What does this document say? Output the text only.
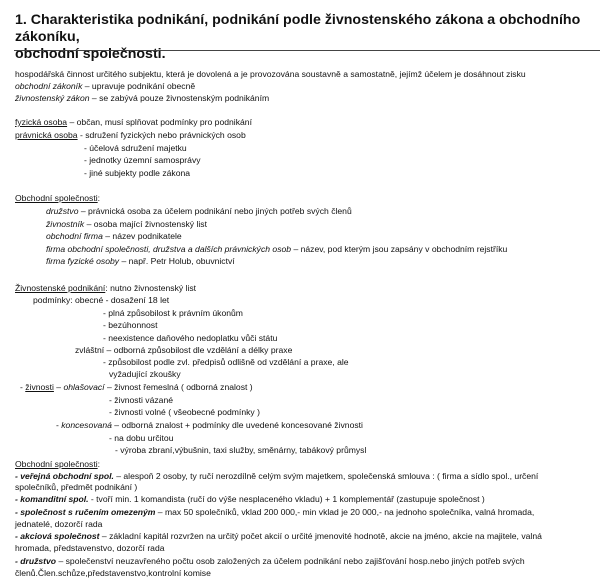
1. Charakteristika podnikání, podnikání podle živnostenského zákona a obchodního zákoníku,
obchodní společnosti.
hospodářská činnost určitého subjektu, která je dovolená a je provozována soustavně a samostatně, jejímž účelem je dosáhnout zisku
obchodní zákoník – upravuje podnikání obecně
živnostenský zákon – se zabývá pouze živnostenským podnikáním
fyzická osoba – občan, musí splňovat podmínky pro podnikání
právnická osoba - sdružení fyzických nebo právnických osob
- účelová sdružení majetku
- jednotky územní samosprávy
- jiné subjekty podle zákona
Obchodní společnosti:
družstvo – právnická osoba za účelem podnikání nebo jiných potřeb svých členů
živnostník – osoba mající živnostenský list
obchodní firma – název podnikatele
firma obchodní společnosti, družstva a dalších právnických osob – název, pod kterým jsou zapsány v obchodním rejstříku
firma fyzické osoby – např. Petr Holub, obuvnictví
Živnostenské podnikání: nutno živnostenský list
podmínky: obecné - dosažení 18 let
- plná způsobilost k právním úkonům
- bezúhonnost
- neexistence daňového nedoplatku vůči státu
zvláštní – odborná způsobilost dle vzdělání a délky praxe
- způsobilost podle zvl. předpisů odlišně od vzdělání a praxe, ale
vyžadující zkoušky
- živnosti – ohlašovací – živnost řemeslná ( odborná znalost )
- živnosti vázané
- živnosti volné ( všeobecné podmínky )
- koncesovaná – odborná znalost + podmínky dle uvedené koncesované živnosti
- na dobu určitou
- výroba zbraní,výbušnin, taxi služby, směnárny, tabákový průmysl
Obchodní společnosti:
- veřejná obchodní spol. – alespoň 2 osoby, ty ručí nerozdílně celým svým majetkem, společenská smlouva : ( firma a sídlo spol., určení
společníků, předmět podnikání )
- komanditní spol. - tvoří min. 1 komandista (ručí do výše nesplaceného vkladu) + 1 komplementář (zastupuje společnost )
- společnost s ručením omezeným – max 50 společníků, vklad 200 000,- min vklad je 20 000,- na jednoho společníka, valná hromada,
jednatelé, dozorčí rada
- akciová společnost – základní kapitál rozvržen na určitý počet akcií o určité jmenovité hodnotě, akcie na jméno, akcie na majitele, valná
hromada, představenstvo, dozorčí rada
- družstvo – společenství neuzavřeného počtu osob založených za účelem podnikání nebo zajišťování hosp.nebo jiných potřeb svých
členů.Člen.schůze,představenstvo,kontrolní komise
